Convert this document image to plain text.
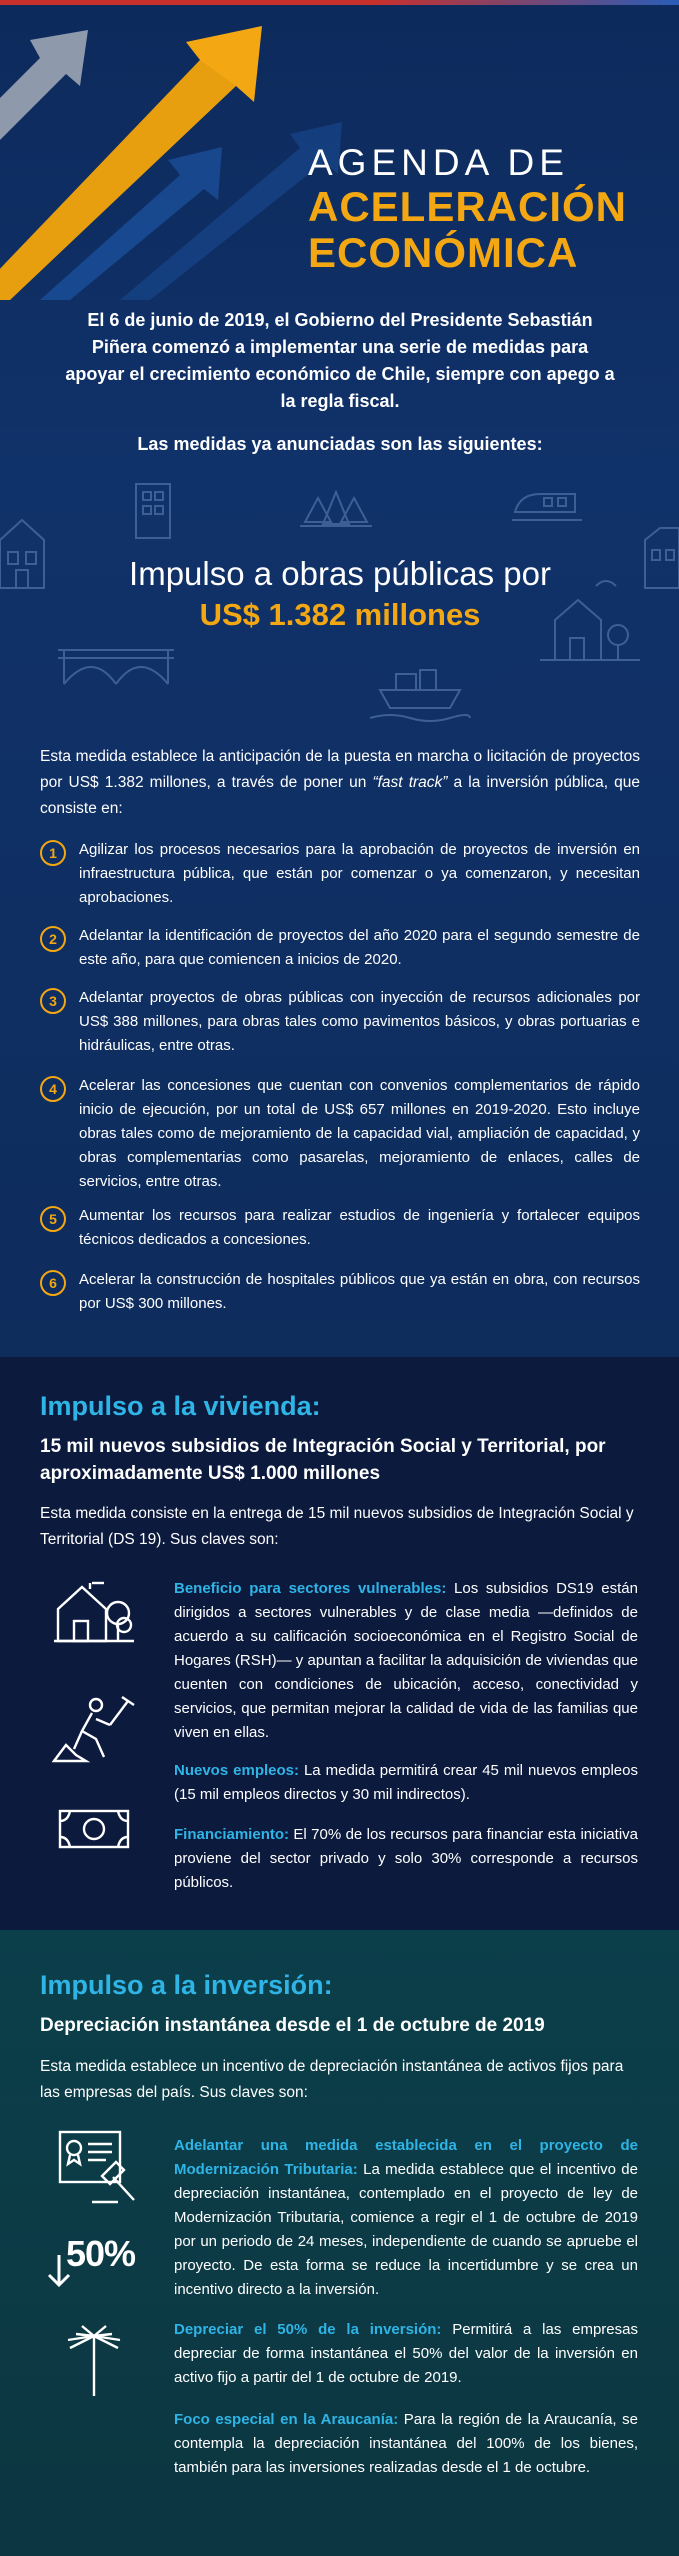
AGENDA DE
ACELERACIÓN
ECONÓMICA

El 6 de junio de 2019, el Gobierno del Presidente Sebastián Piñera comenzó a implementar una serie de medidas para apoyar el crecimiento económico de Chile, siempre con apego a la regla fiscal.

Las medidas ya anunciadas son las siguientes:

Impulso a obras públicas por
US$ 1.382 millones

Esta medida establece la anticipación de la puesta en marcha o licitación de proyectos por US$ 1.382 millones, a través de poner un “fast track” a la inversión pública, que consiste en:

1	Agilizar los procesos necesarios para la aprobación de proyectos de inversión en infraestructura pública, que están por comenzar o ya comenzaron, y necesitan aprobaciones.
2	Adelantar la identificación de proyectos del año 2020 para el segundo semestre de este año, para que comiencen a inicios de 2020.
3	Adelantar proyectos de obras públicas con inyección de recursos adicionales por US$ 388 millones, para obras tales como pavimentos básicos, y obras portuarias e hidráulicas, entre otras.
4	Acelerar las concesiones que cuentan con convenios complementarios de rápido inicio de ejecución, por un total de US$ 657 millones en 2019-2020. Esto incluye obras tales como de mejoramiento de la capacidad vial, ampliación de capacidad, y obras complementarias como pasarelas, mejoramiento de enlaces, calles de servicios, entre otras.
5	Aumentar los recursos para realizar estudios de ingeniería y fortalecer equipos técnicos dedicados a concesiones.
6	Acelerar la construcción de hospitales públicos que ya están en obra, con recursos por US$ 300 millones.
Impulso a la vivienda:

15 mil nuevos subsidios de Integración Social y Territorial, por aproximadamente US$ 1.000 millones

Esta medida consiste en la entrega de 15 mil nuevos subsidios de Integración Social y Territorial (DS 19). Sus claves son:

Beneficio para sectores vulnerables: Los subsidios DS19 están dirigidos a sectores vulnerables y de clase media —definidos de acuerdo a su calificación socioeconómica en el Registro Social de Hogares (RSH)— y apuntan a facilitar la adquisición de viviendas que cuenten con condiciones de ubicación, acceso, conectividad y servicios, que permitan mejorar la calidad de vida de las familias que viven en ellas.

Nuevos empleos: La medida permitirá crear 45 mil nuevos empleos (15 mil empleos directos y 30 mil indirectos).

Financiamiento: El 70% de los recursos para financiar esta iniciativa proviene del sector privado y solo 30% corresponde a recursos públicos.

Impulso a la inversión:

Depreciación instantánea desde el 1 de octubre de 2019

Esta medida establece un incentivo de depreciación instantánea de activos fijos para las empresas del país. Sus claves son:

50%

Adelantar una medida establecida en el proyecto de Modernización Tributaria: La medida establece que el incentivo de depreciación instantánea, contemplado en el proyecto de ley de Modernización Tributaria, comience a regir el 1 de octubre de 2019 por un periodo de 24 meses, independiente de cuando se apruebe el proyecto. De esta forma se reduce la incertidumbre y se crea un incentivo directo a la inversión.

Depreciar el 50% de la inversión: Permitirá a las empresas depreciar de forma instantánea el 50% del valor de la inversión en activo fijo a partir del 1 de octubre de 2019.

Foco especial en la Araucanía: Para la región de la Araucanía, se contempla la depreciación instantánea del 100% de los bienes, también para las inversiones realizadas desde el 1 de octubre.
